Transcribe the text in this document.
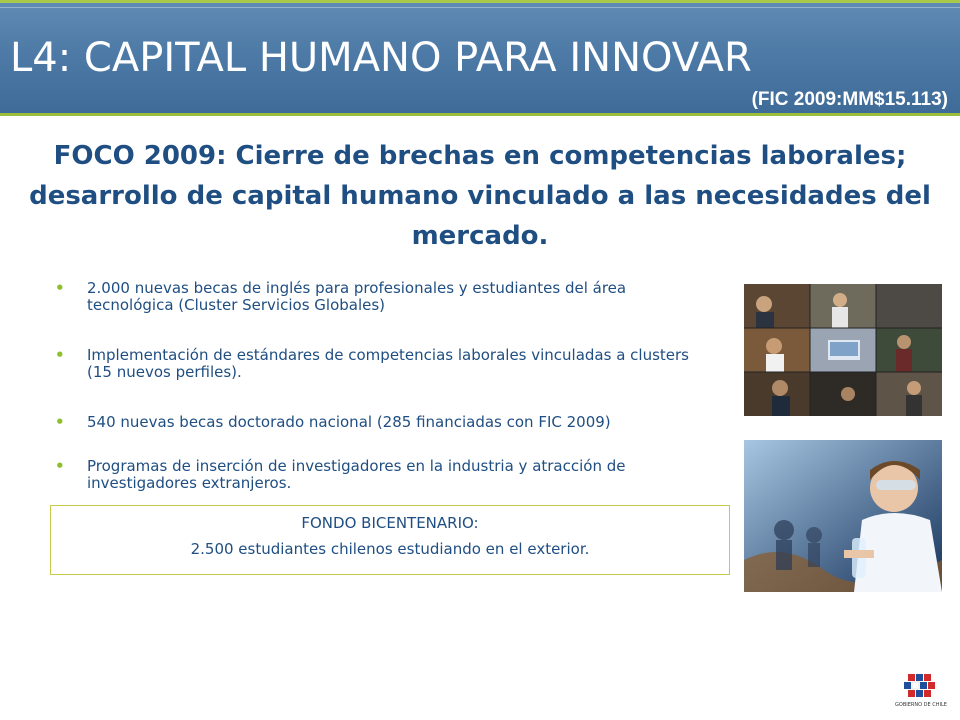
L4: CAPITAL HUMANO PARA INNOVAR
(FIC 2009:MM$15.113)
FOCO 2009: Cierre de brechas en competencias laborales; desarrollo de capital humano vinculado a las necesidades del mercado.
• 2.000 nuevas becas de inglés para profesionales y estudiantes del área tecnológica (Cluster Servicios Globales)
• Implementación de estándares de competencias laborales vinculadas a clusters (15 nuevos perfiles).
• 540 nuevas becas doctorado nacional (285 financiadas con FIC 2009)
• Programas de inserción de investigadores en la industria y atracción de investigadores extranjeros.
FONDO BICENTENARIO:
2.500 estudiantes chilenos estudiando en el exterior.
GOBIERNO DE CHILE
